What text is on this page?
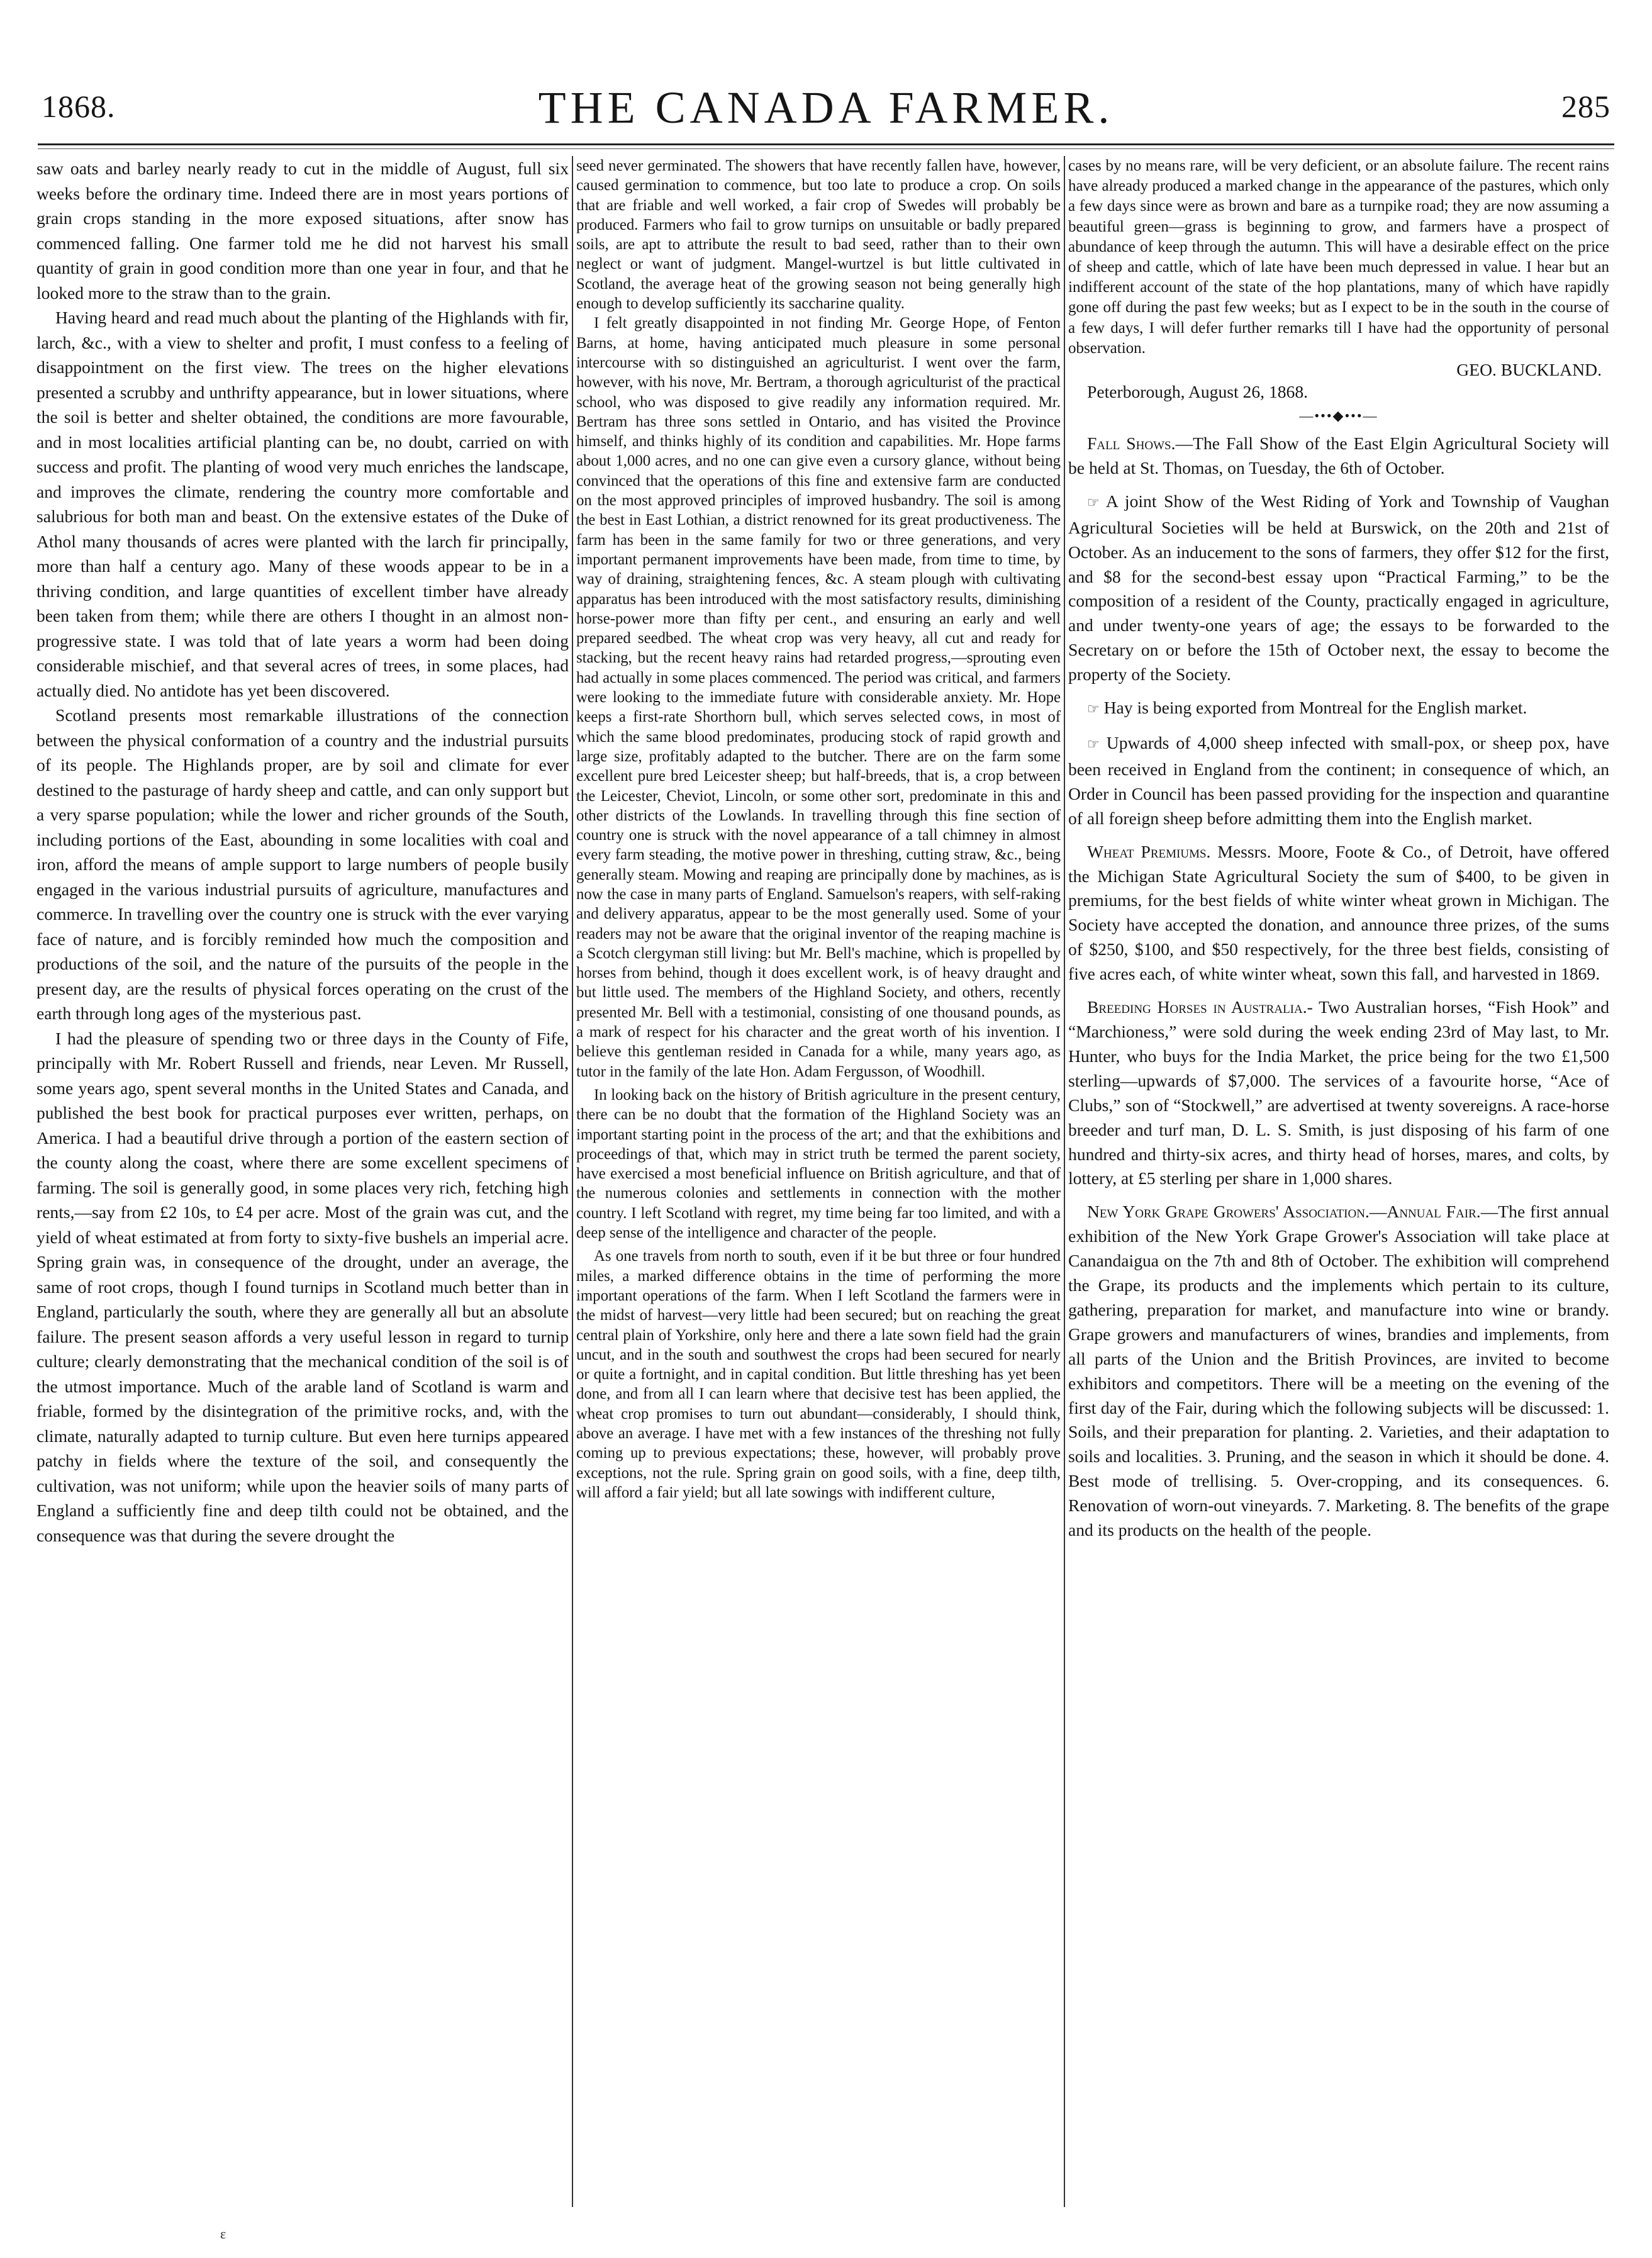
1868.	THE CANADA FARMER.	285

saw oats and barley nearly ready to cut in the middle of August, full six weeks before the ordinary time. Indeed there are in most years portions of grain crops standing in the more exposed situations, after snow has commenced falling. One farmer told me he did not harvest his small quantity of grain in good condition more than one year in four, and that he looked more to the straw than to the grain.

Having heard and read much about the planting of the Highlands with fir, larch, &c., with a view to shelter and profit, I must confess to a feeling of disappointment on the first view. The trees on the higher elevations presented a scrubby and unthrifty appearance, but in lower situations, where the soil is better and shelter obtained, the conditions are more favourable, and in most localities artificial planting can be, no doubt, carried on with success and profit. The planting of wood very much enriches the landscape, and improves the climate, rendering the country more comfortable and salubrious for both man and beast. On the extensive estates of the Duke of Athol many thousands of acres were planted with the larch fir principally, more than half a century ago. Many of these woods appear to be in a thriving condition, and large quantities of excellent timber have already been taken from them; while there are others I thought in an almost non-progressive state. I was told that of late years a worm had been doing considerable mischief, and that several acres of trees, in some places, had actually died. No antidote has yet been discovered.

Scotland presents most remarkable illustrations of the connection between the physical conformation of a country and the industrial pursuits of its people. The Highlands proper, are by soil and climate for ever destined to the pasturage of hardy sheep and cattle, and can only support but a very sparse population; while the lower and richer grounds of the South, including portions of the East, abounding in some localities with coal and iron, afford the means of ample support to large numbers of people busily engaged in the various industrial pursuits of agriculture, manufactures and commerce. In travelling over the country one is struck with the ever varying face of nature, and is forcibly reminded how much the composition and productions of the soil, and the nature of the pursuits of the people in the present day, are the results of physical forces operating on the crust of the earth through long ages of the mysterious past.

I had the pleasure of spending two or three days in the County of Fife, principally with Mr. Robert Russell and friends, near Leven. Mr Russell, some years ago, spent several months in the United States and Canada, and published the best book for practical purposes ever written, perhaps, on America. I had a beautiful drive through a portion of the eastern section of the county along the coast, where there are some excellent specimens of farming. The soil is generally good, in some places very rich, fetching high rents,—say from £2 10s, to £4 per acre. Most of the grain was cut, and the yield of wheat estimated at from forty to sixty-five bushels an imperial acre. Spring grain was, in consequence of the drought, under an average, the same of root crops, though I found turnips in Scotland much better than in England, particularly the south, where they are generally all but an absolute failure. The present season affords a very useful lesson in regard to turnip culture; clearly demonstrating that the mechanical condition of the soil is of the utmost importance. Much of the arable land of Scotland is warm and friable, formed by the disintegration of the primitive rocks, and, with the climate, naturally adapted to turnip culture. But even here turnips appeared patchy in fields where the texture of the soil, and consequently the cultivation, was not uniform; while upon the heavier soils of many parts of England a sufficiently fine and deep tilth could not be obtained, and the consequence was that during the severe drought the

seed never germinated. The showers that have recently fallen have, however, caused germination to commence, but too late to produce a crop. On soils that are friable and well worked, a fair crop of Swedes will probably be produced. Farmers who fail to grow turnips on unsuitable or badly prepared soils, are apt to attribute the result to bad seed, rather than to their own neglect or want of judgment. Mangel-wurtzel is but little cultivated in Scotland, the average heat of the growing season not being generally high enough to develop sufficiently its saccharine quality.

I felt greatly disappointed in not finding Mr. George Hope, of Fenton Barns, at home, having anticipated much pleasure in some personal intercourse with so distinguished an agriculturist. I went over the farm, however, with his nove, Mr. Bertram, a thorough agriculturist of the practical school, who was disposed to give readily any information required. Mr. Bertram has three sons settled in Ontario, and has visited the Province himself, and thinks highly of its condition and capabilities. Mr. Hope farms about 1,000 acres, and no one can give even a cursory glance, without being convinced that the operations of this fine and extensive farm are conducted on the most approved principles of improved husbandry. The soil is among the best in East Lothian, a district renowned for its great productiveness. The farm has been in the same family for two or three generations, and very important permanent improvements have been made, from time to time, by way of draining, straightening fences, &c. A steam plough with cultivating apparatus has been introduced with the most satisfactory results, diminishing horse-power more than fifty per cent., and ensuring an early and well prepared seedbed. The wheat crop was very heavy, all cut and ready for stacking, but the recent heavy rains had retarded progress,—sprouting even had actually in some places commenced. The period was critical, and farmers were looking to the immediate future with considerable anxiety. Mr. Hope keeps a first-rate Shorthorn bull, which serves selected cows, in most of which the same blood predominates, producing stock of rapid growth and large size, profitably adapted to the butcher. There are on the farm some excellent pure bred Leicester sheep; but half-breeds, that is, a crop between the Leicester, Cheviot, Lincoln, or some other sort, predominate in this and other districts of the Lowlands. In travelling through this fine section of country one is struck with the novel appearance of a tall chimney in almost every farm steading, the motive power in threshing, cutting straw, &c., being generally steam. Mowing and reaping are principally done by machines, as is now the case in many parts of England. Samuelson's reapers, with self-raking and delivery apparatus, appear to be the most generally used. Some of your readers may not be aware that the original inventor of the reaping machine is a Scotch clergyman still living: but Mr. Bell's machine, which is propelled by horses from behind, though it does excellent work, is of heavy draught and but little used. The members of the Highland Society, and others, recently presented Mr. Bell with a testimonial, consisting of one thousand pounds, as a mark of respect for his character and the great worth of his invention. I believe this gentleman resided in Canada for a while, many years ago, as tutor in the family of the late Hon. Adam Fergusson, of Woodhill.

In looking back on the history of British agriculture in the present century, there can be no doubt that the formation of the Highland Society was an important starting point in the process of the art; and that the exhibitions and proceedings of that, which may in strict truth be termed the parent society, have exercised a most beneficial influence on British agriculture, and that of the numerous colonies and settlements in connection with the mother country. I left Scotland with regret, my time being far too limited, and with a deep sense of the intelligence and character of the people.

As one travels from north to south, even if it be but three or four hundred miles, a marked difference obtains in the time of performing the more important operations of the farm. When I left Scotland the farmers were in the midst of harvest—very little had been secured; but on reaching the great central plain of Yorkshire, only here and there a late sown field had the grain uncut, and in the south and southwest the crops had been secured for nearly or quite a fortnight, and in capital condition. But little threshing has yet been done, and from all I can learn where that decisive test has been applied, the wheat crop promises to turn out abundant—considerably, I should think, above an average. I have met with a few instances of the threshing not fully coming up to previous expectations; these, however, will probably prove exceptions, not the rule. Spring grain on good soils, with a fine, deep tilth, will afford a fair yield; but all late sowings with indifferent culture,

cases by no means rare, will be very deficient, or an absolute failure. The recent rains have already produced a marked change in the appearance of the pastures, which only a few days since were as brown and bare as a turnpike road; they are now assuming a beautiful green—grass is beginning to grow, and farmers have a prospect of abundance of keep through the autumn. This will have a desirable effect on the price of sheep and cattle, which of late have been much depressed in value. I hear but an indifferent account of the state of the hop plantations, many of which have rapidly gone off during the past few weeks; but as I expect to be in the south in the course of a few days, I will defer further remarks till I have had the opportunity of personal observation.

GEO. BUCKLAND.
Peterborough, August 26, 1868.
—•••◆•••—

Fall Shows.—The Fall Show of the East Elgin Agricultural Society will be held at St. Thomas, on Tuesday, the 6th of October.

☞ A joint Show of the West Riding of York and Township of Vaughan Agricultural Societies will be held at Burswick, on the 20th and 21st of October. As an inducement to the sons of farmers, they offer $12 for the first, and $8 for the second-best essay upon “Practical Farming,” to be the composition of a resident of the County, practically engaged in agriculture, and under twenty-one years of age; the essays to be forwarded to the Secretary on or before the 15th of October next, the essay to become the property of the Society.

☞ Hay is being exported from Montreal for the English market.

☞ Upwards of 4,000 sheep infected with small-pox, or sheep pox, have been received in England from the continent; in consequence of which, an Order in Council has been passed providing for the inspection and quarantine of all foreign sheep before admitting them into the English market.

Wheat Premiums. Messrs. Moore, Foote & Co., of Detroit, have offered the Michigan State Agricultural Society the sum of $400, to be given in premiums, for the best fields of white winter wheat grown in Michigan. The Society have accepted the donation, and announce three prizes, of the sums of $250, $100, and $50 respectively, for the three best fields, consisting of five acres each, of white winter wheat, sown this fall, and harvested in 1869.

Breeding Horses in Australia.- Two Australian horses, “Fish Hook” and “Marchioness,” were sold during the week ending 23rd of May last, to Mr. Hunter, who buys for the India Market, the price being for the two £1,500 sterling—upwards of $7,000. The services of a favourite horse, “Ace of Clubs,” son of “Stockwell,” are advertised at twenty sovereigns. A race-horse breeder and turf man, D. L. S. Smith, is just disposing of his farm of one hundred and thirty-six acres, and thirty head of horses, mares, and colts, by lottery, at £5 sterling per share in 1,000 shares.

New York Grape Growers' Association.—Annual Fair.—The first annual exhibition of the New York Grape Grower's Association will take place at Canandaigua on the 7th and 8th of October. The exhibition will comprehend the Grape, its products and the implements which pertain to its culture, gathering, preparation for market, and manufacture into wine or brandy. Grape growers and manufacturers of wines, brandies and implements, from all parts of the Union and the British Provinces, are invited to become exhibitors and competitors. There will be a meeting on the evening of the first day of the Fair, during which the following subjects will be discussed: 1. Soils, and their preparation for planting. 2. Varieties, and their adaptation to soils and localities. 3. Pruning, and the season in which it should be done. 4. Best mode of trellising. 5. Over-cropping, and its consequences. 6. Renovation of worn-out vineyards. 7. Marketing. 8. The benefits of the grape and its products on the health of the people.

ε
